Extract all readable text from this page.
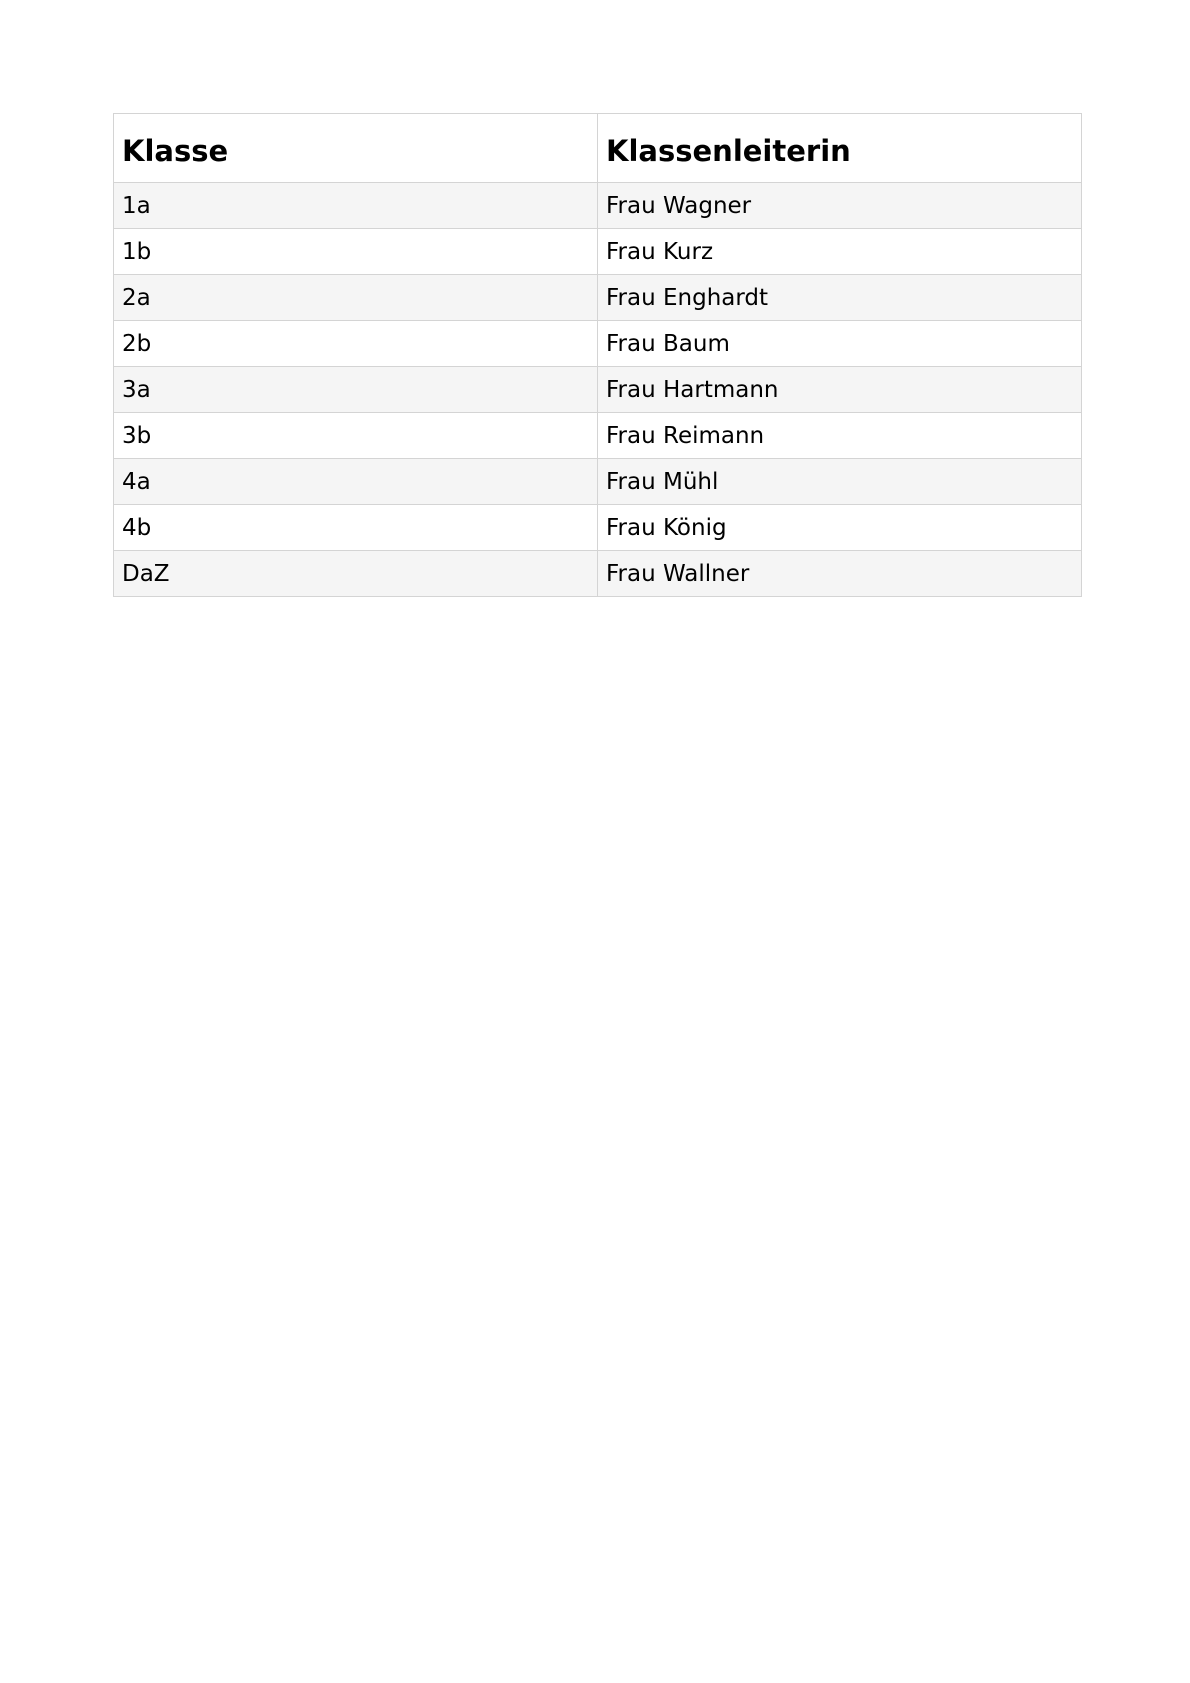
Klasse	Klassenleiterin
1a	Frau Wagner
1b	Frau Kurz
2a	Frau Enghardt
2b	Frau Baum
3a	Frau Hartmann
3b	Frau Reimann
4a	Frau Mühl
4b	Frau König
DaZ	Frau Wallner
